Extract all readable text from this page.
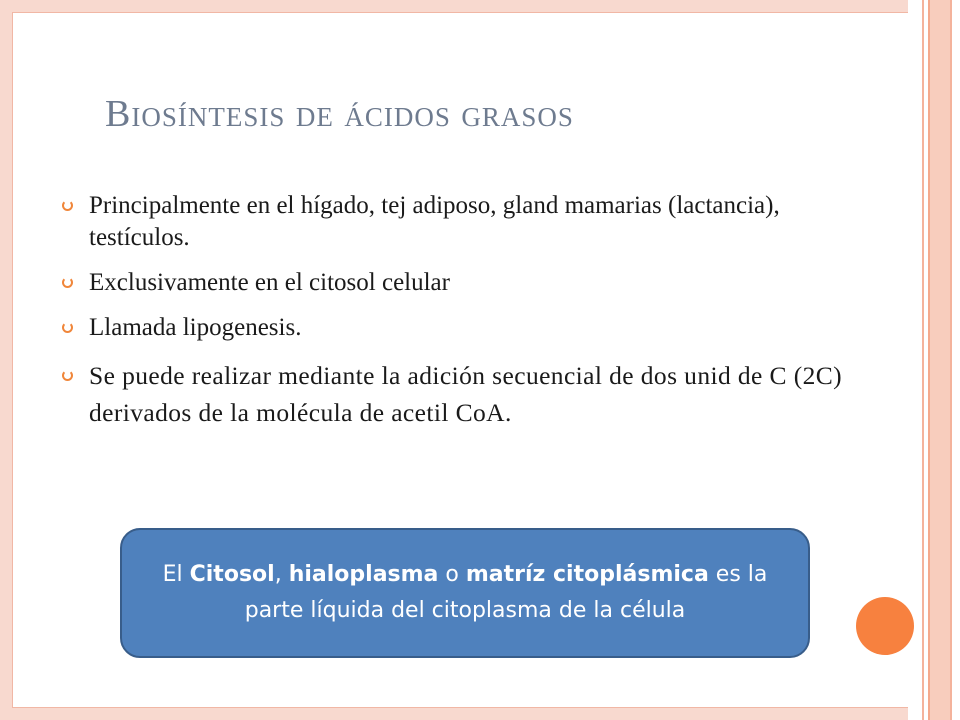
Biosíntesis de ácidos grasos
Principalmente en el hígado, tej adiposo, gland mamarias (lactancia), testículos.
Exclusivamente en el citosol celular
Llamada lipogenesis.
Se puede realizar mediante la adición secuencial de dos unid de C (2C) derivados de la molécula de acetil CoA.
El Citosol, hialoplasma o matríz citoplásmica es la parte líquida del citoplasma de la célula
